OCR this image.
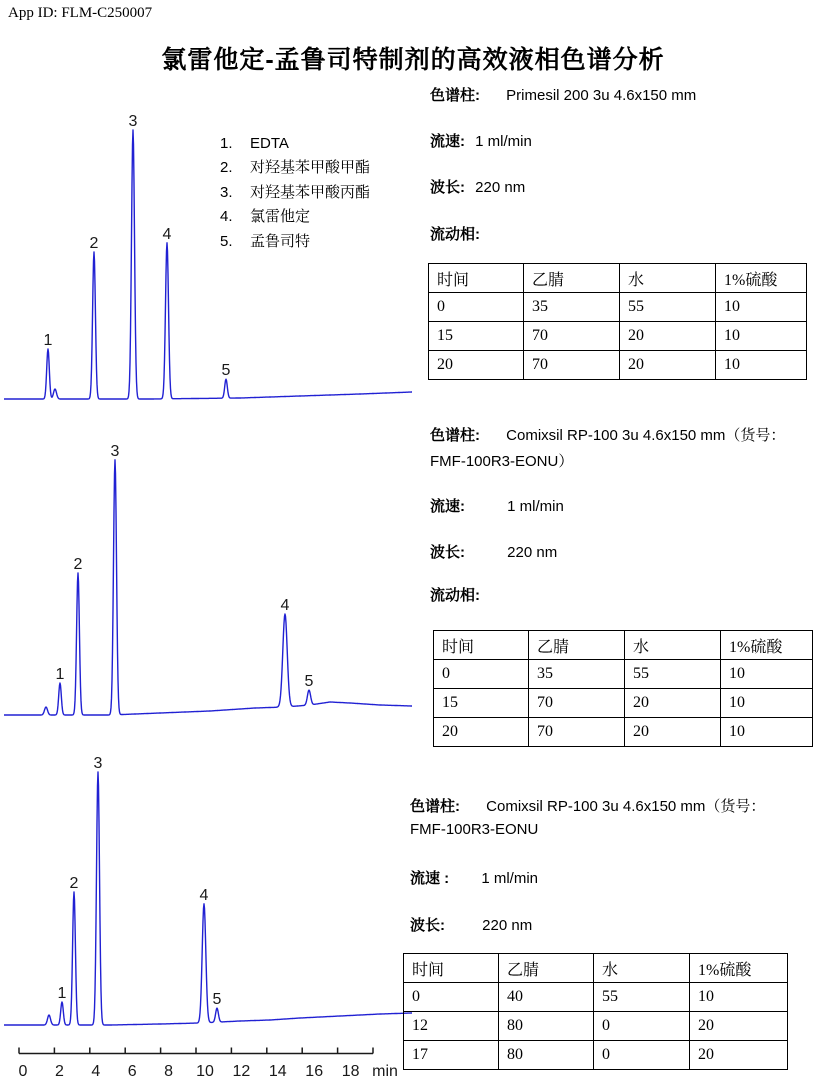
App ID: FLM-C250007
氯雷他定-孟鲁司特制剂的高效液相色谱分析
1
2
3
4
5
1
2
3
4
5
1
2
3
4
5
0 2 4 6 8 10 12 14 16 18 min
1.	EDTA
2.	对羟基苯甲酸甲酯
3.	对羟基苯甲酸丙酯
4.	氯雷他定
5.	孟鲁司特
色谱柱: Primesil 200 3u 4.6x150 mm
流速: 1 ml/min
波长: 220 nm
流动相:
时间	乙腈	水	1%硫酸
0	35	55	10
15	70	20	10
20	70	20	10
色谱柱: Comixsil RP-100 3u 4.6x150 mm（货号：
FMF-100R3-EONU）
流速:	1 ml/min
波长:	220 nm
流动相:
时间	乙腈	水	1%硫酸
0	35	55	10
15	70	20	10
20	70	20	10
色谱柱: Comixsil RP-100 3u 4.6x150 mm（货号：
FMF-100R3-EONU
流速 : 1 ml/min
波长: 220 nm
时间	乙腈	水	1%硫酸
0	40	55	10
12	80	0	20
17	80	0	20
